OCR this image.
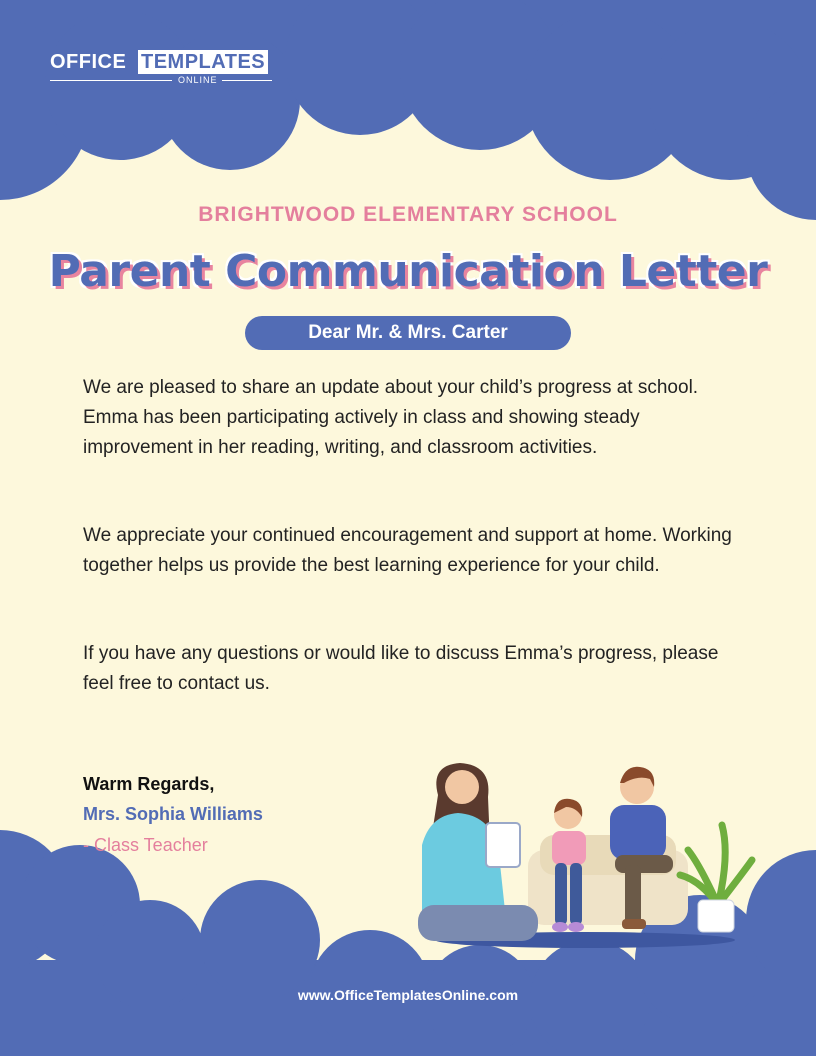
OFFICE TEMPLATES
ONLINE
BRIGHTWOOD ELEMENTARY SCHOOL
Parent Communication Letter
Dear Mr. & Mrs. Carter

We are pleased to share an update about your child’s progress at school. Emma has been participating actively in class and showing steady improvement in her reading, writing, and classroom activities.

We appreciate your continued encouragement and support at home. Working together helps us provide the best learning experience for your child.

If you have any questions or would like to discuss Emma’s progress, please feel free to contact us.

Warm Regards,
Mrs. Sophia Williams
- Class Teacher
www.OfficeTemplatesOnline.com
